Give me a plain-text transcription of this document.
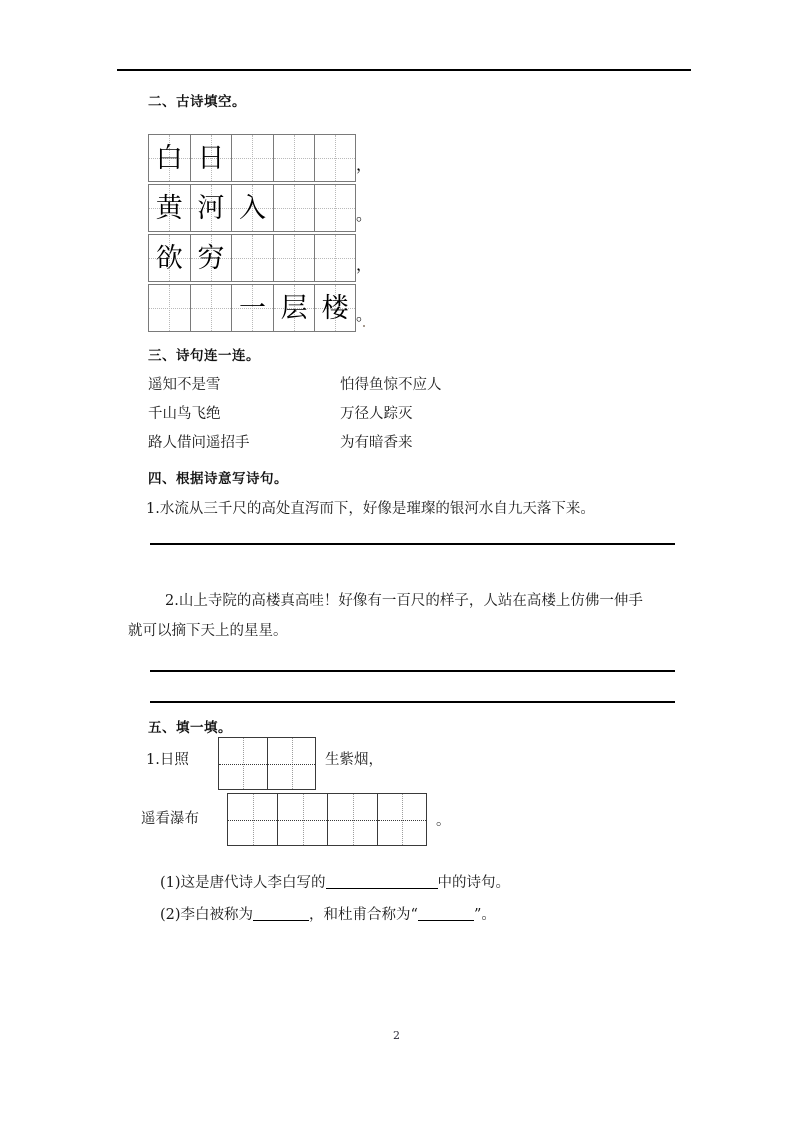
二、古诗填空。
白 日	，
黄 河 入	。
欲 穷	，
一 层 楼 。
三、诗句连一连。
遥知不是雪	怕得鱼惊不应人
千山鸟飞绝	万径人踪灭
路人借问遥招手	为有暗香来
四、根据诗意写诗句。
1.水流从三千尺的高处直泻而下，好像是璀璨的银河水自九天落下来。
2.山上寺院的高楼真高哇！好像有一百尺的样子，人站在高楼上仿佛一伸手
就可以摘下天上的星星。
五、填一填。
1.日照	生紫烟，
遥看瀑布	。
(1)这是唐代诗人李白写的	中的诗句。
(2)李白被称为	，和杜甫合称为“	”。
2
